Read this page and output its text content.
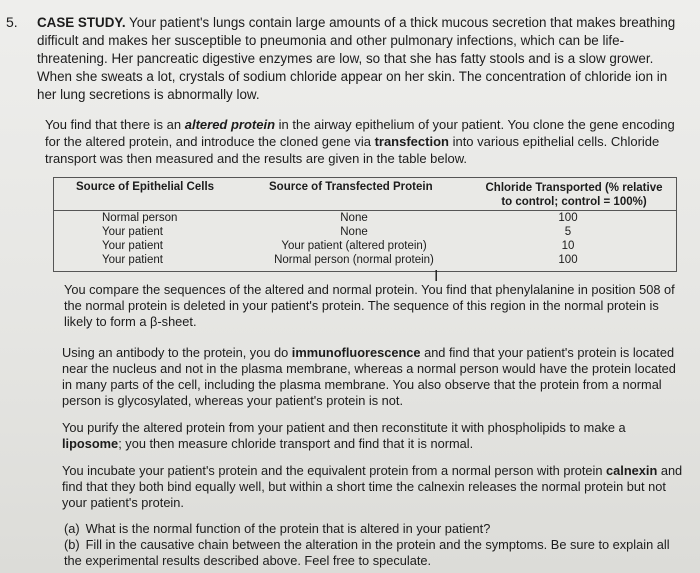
5. CASE STUDY. Your patient's lungs contain large amounts of a thick mucous secretion that makes breathing difficult and makes her susceptible to pneumonia and other pulmonary infections, which can be life-threatening. Her pancreatic digestive enzymes are low, so that she has fatty stools and is a slow grower. When she sweats a lot, crystals of sodium chloride appear on her skin. The concentration of chloride ion in her lung secretions is abnormally low.
You find that there is an altered protein in the airway epithelium of your patient. You clone the gene encoding for the altered protein, and introduce the cloned gene via transfection into various epithelial cells. Chloride transport was then measured and the results are given in the table below.
Source of Epithelial Cells	Source of Transfected Protein	Chloride Transported (% relative to control; control = 100%)
Normal person	None	100
Your patient	None	5
Your patient	Your patient (altered protein)	10
Your patient	Normal person (normal protein)	100
I
You compare the sequences of the altered and normal protein. You find that phenylalanine in position 508 of the normal protein is deleted in your patient's protein. The sequence of this region in the normal protein is likely to form a β-sheet.
Using an antibody to the protein, you do immunofluorescence and find that your patient's protein is located near the nucleus and not in the plasma membrane, whereas a normal person would have the protein located in many parts of the cell, including the plasma membrane. You also observe that the protein from a normal person is glycosylated, whereas your patient's protein is not.
You purify the altered protein from your patient and then reconstitute it with phospholipids to make a liposome; you then measure chloride transport and find that it is normal.
You incubate your patient's protein and the equivalent protein from a normal person with protein calnexin and find that they both bind equally well, but within a short time the calnexin releases the normal protein but not your patient's protein.
(a) What is the normal function of the protein that is altered in your patient?
(b) Fill in the causative chain between the alteration in the protein and the symptoms. Be sure to explain all the experimental results described above. Feel free to speculate.
